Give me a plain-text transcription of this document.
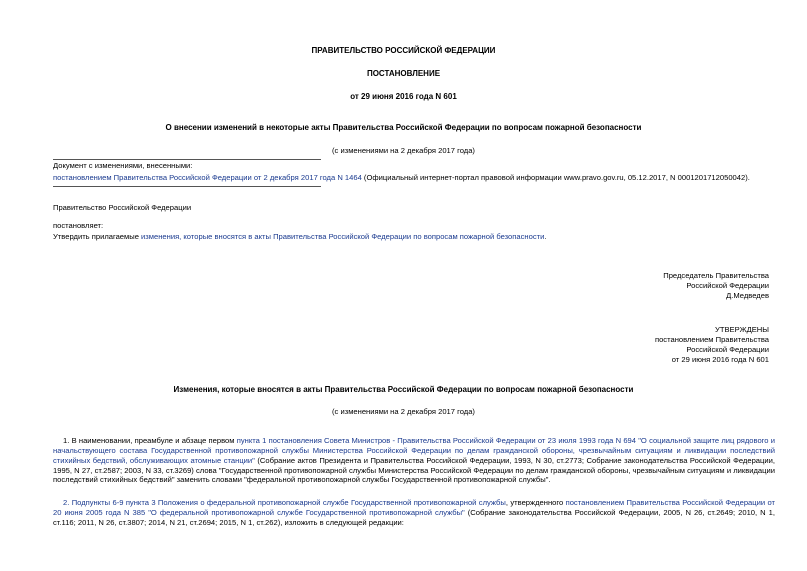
ПРАВИТЕЛЬСТВО РОССИЙСКОЙ ФЕДЕРАЦИИ
ПОСТАНОВЛЕНИЕ
от 29 июня 2016 года N 601
О внесении изменений в некоторые акты Правительства Российской Федерации по вопросам пожарной безопасности
(с изменениями на 2 декабря 2017 года)
Документ с изменениями, внесенными:
постановлением Правительства Российской Федерации от 2 декабря 2017 года N 1464 (Официальный интернет-портал правовой информации www.pravo.gov.ru, 05.12.2017, N 0001201712050042).
Правительство Российской Федерации
постановляет:
Утвердить прилагаемые изменения, которые вносятся в акты Правительства Российской Федерации по вопросам пожарной безопасности.
Председатель Правительства
Российской Федерации
Д.Медведев
УТВЕРЖДЕНЫ
постановлением Правительства
Российской Федерации
от 29 июня 2016 года N 601
Изменения, которые вносятся в акты Правительства Российской Федерации по вопросам пожарной безопасности
(с изменениями на 2 декабря 2017 года)
1. В наименовании, преамбуле и абзаце первом пункта 1 постановления Совета Министров - Правительства Российской Федерации от 23 июля 1993 года N 694 "О социальной защите лиц рядового и начальствующего состава Государственной противопожарной службы Министерства Российской Федерации по делам гражданской обороны, чрезвычайным ситуациям и ликвидации последствий стихийных бедствий, обслуживающих атомные станции" (Собрание актов Президента и Правительства Российской Федерации, 1993, N 30, ст.2773; Собрание законодательства Российской Федерации, 1995, N 27, ст.2587; 2003, N 33, ст.3269) слова "Государственной противопожарной службы Министерства Российской Федерации по делам гражданской обороны, чрезвычайным ситуациям и ликвидации последствий стихийных бедствий" заменить словами "федеральной противопожарной службы Государственной противопожарной службы".
2. Подпункты 6-9 пункта 3 Положения о федеральной противопожарной службе Государственной противопожарной службы, утвержденного постановлением Правительства Российской Федерации от 20 июня 2005 года N 385 "О федеральной противопожарной службе Государственной противопожарной службы" (Собрание законодательства Российской Федерации, 2005, N 26, ст.2649; 2010, N 1, ст.116; 2011, N 26, ст.3807; 2014, N 21, ст.2694; 2015, N 1, ст.262), изложить в следующей редакции:
